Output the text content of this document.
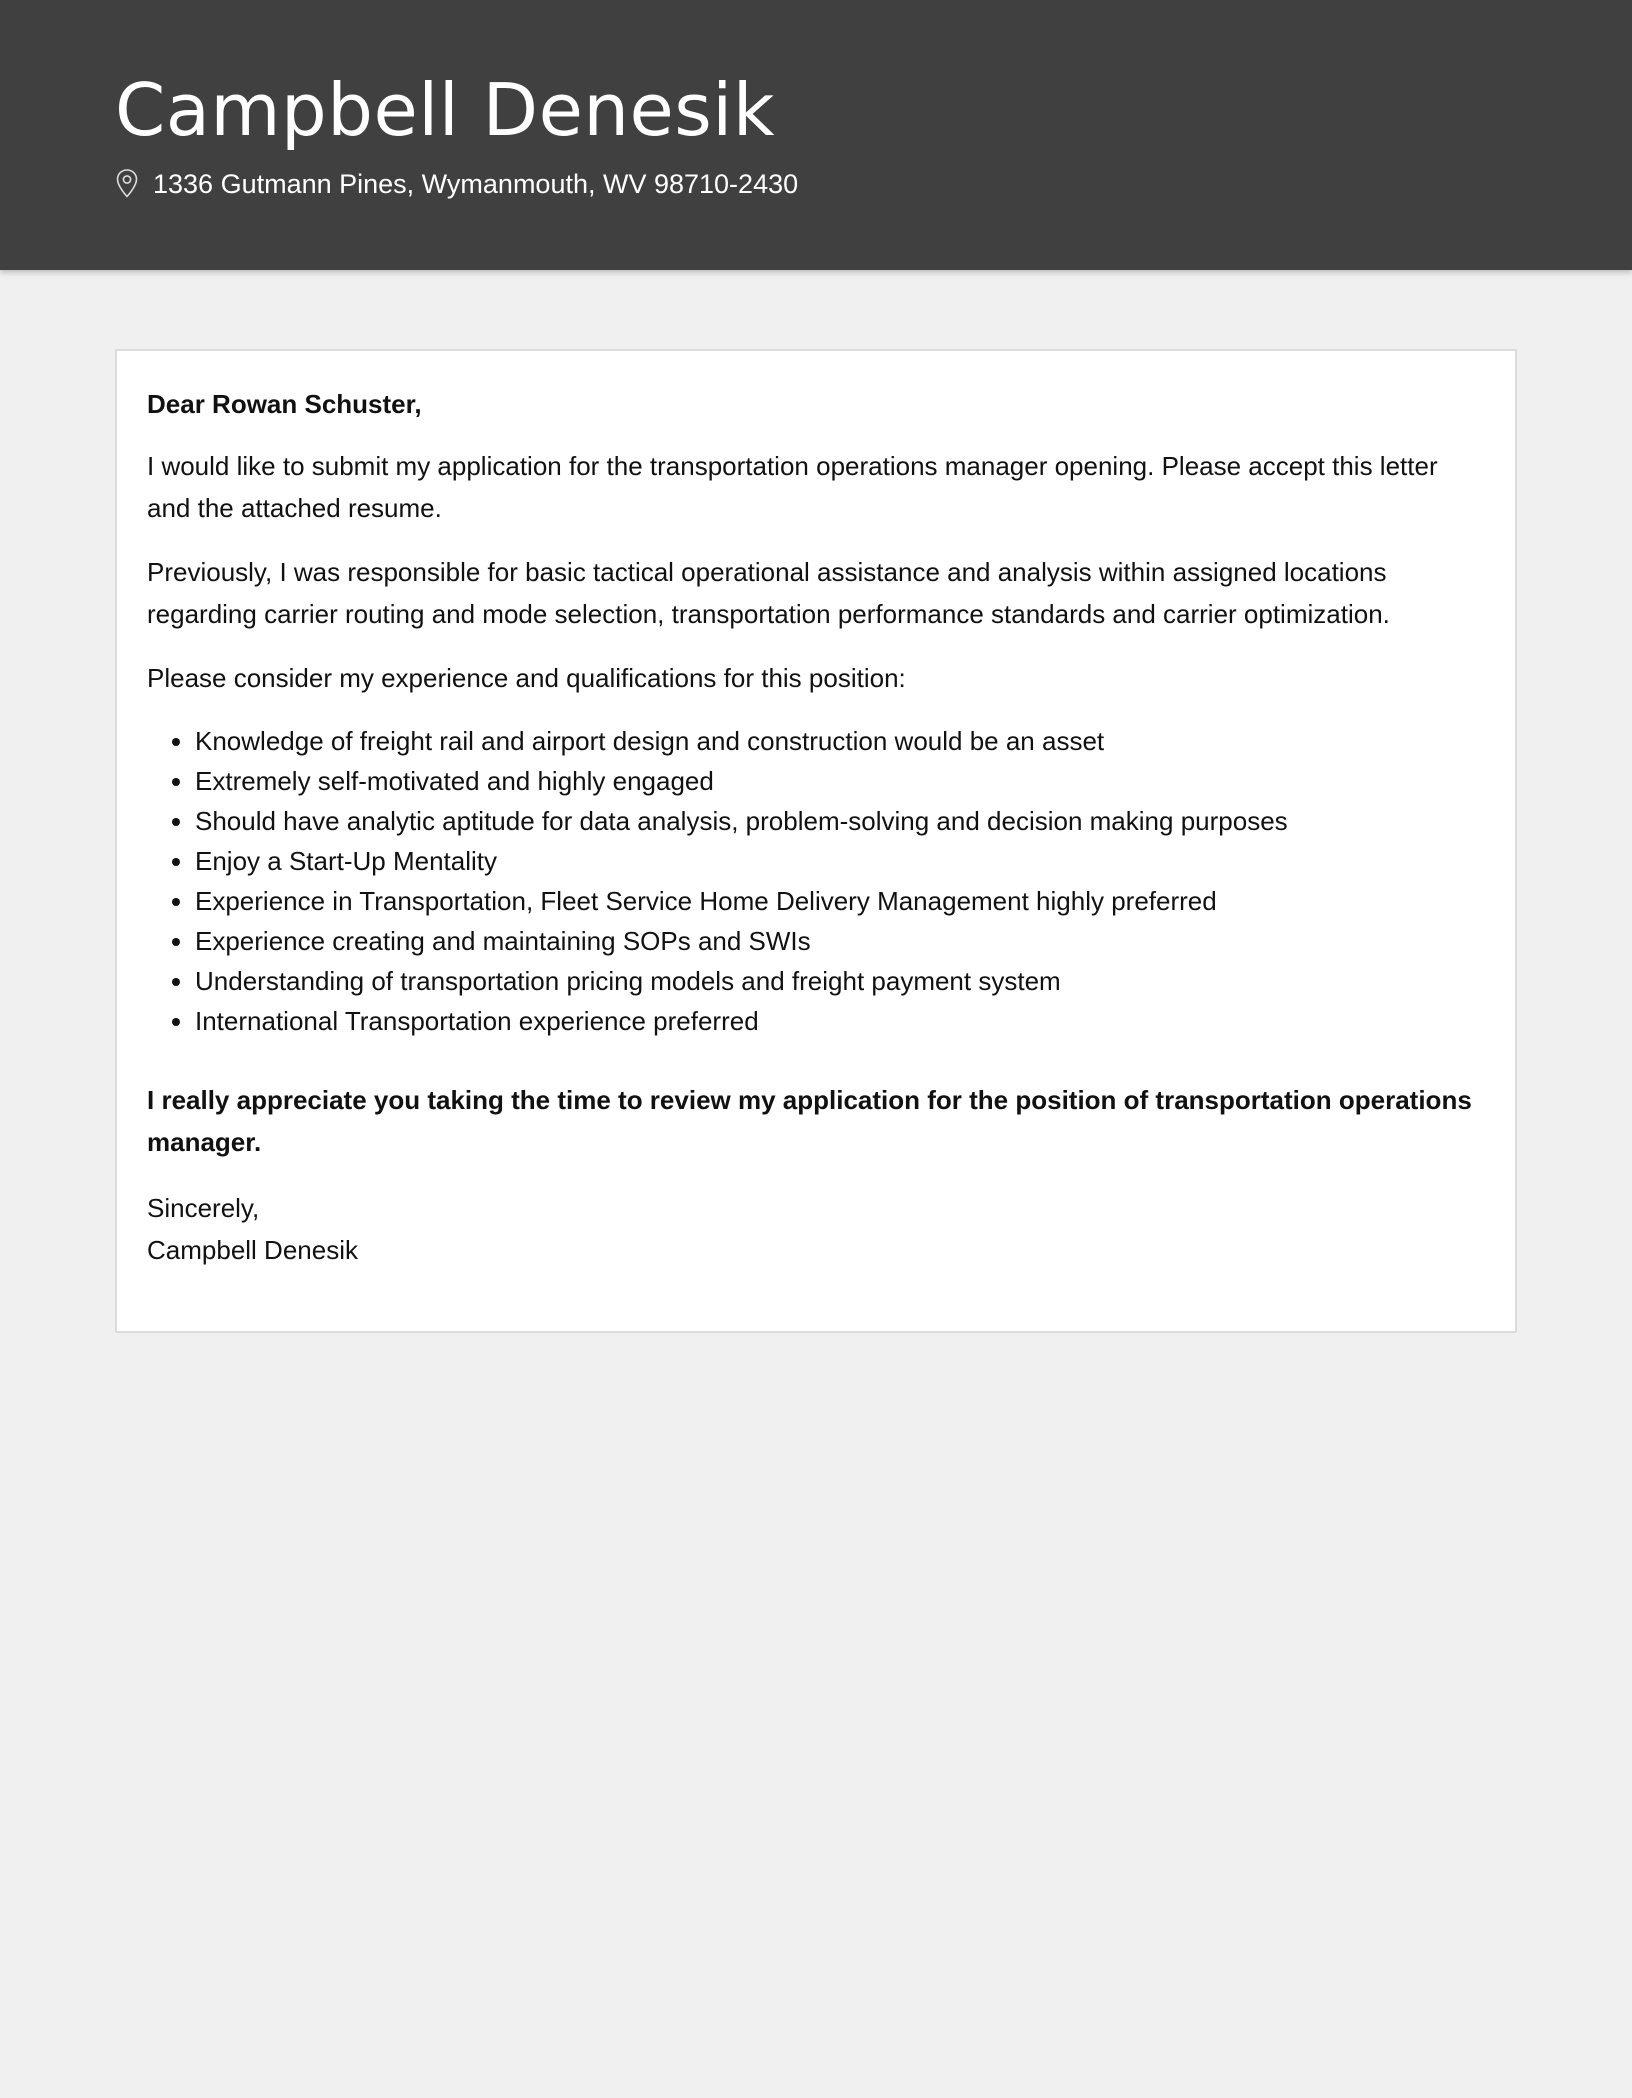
Campbell Denesik
1336 Gutmann Pines, Wymanmouth, WV 98710-2430

Dear Rowan Schuster,

I would like to submit my application for the transportation operations manager opening. Please accept this letter and the attached resume.

Previously, I was responsible for basic tactical operational assistance and analysis within assigned locations regarding carrier routing and mode selection, transportation performance standards and carrier optimization.

Please consider my experience and qualifications for this position:

• Knowledge of freight rail and airport design and construction would be an asset
• Extremely self-motivated and highly engaged
• Should have analytic aptitude for data analysis, problem-solving and decision making purposes
• Enjoy a Start-Up Mentality
• Experience in Transportation, Fleet Service Home Delivery Management highly preferred
• Experience creating and maintaining SOPs and SWIs
• Understanding of transportation pricing models and freight payment system
• International Transportation experience preferred

I really appreciate you taking the time to review my application for the position of transportation operations manager.

Sincerely,
Campbell Denesik
